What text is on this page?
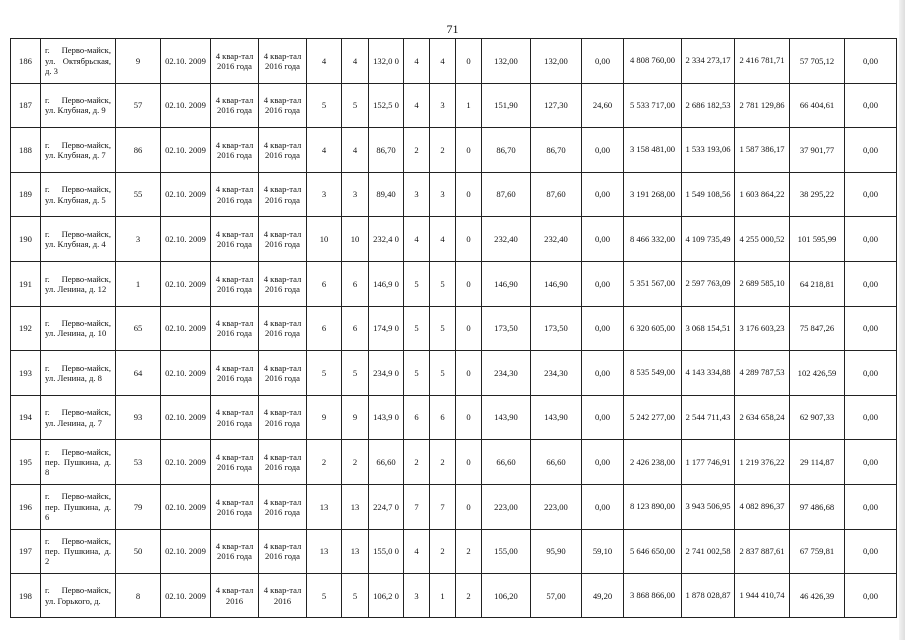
71
186	г. Перво-майск, ул. Октябрьская, д. 3	9	02.10. 2009	4 квар-тал 2016 года	4 квар-тал 2016 года	4	4	132,0 0	4	4	0	132,00	132,00	0,00	4 808 760,00	2 334 273,17	2 416 781,71	57 705,12	0,00
187	г. Перво-майск, ул. Клубная, д. 9	57	02.10. 2009	4 квар-тал 2016 года	4 квар-тал 2016 года	5	5	152,5 0	4	3	1	151,90	127,30	24,60	5 533 717,00	2 686 182,53	2 781 129,86	66 404,61	0,00
188	г. Перво-майск, ул. Клубная, д. 7	86	02.10. 2009	4 квар-тал 2016 года	4 квар-тал 2016 года	4	4	86,70	2	2	0	86,70	86,70	0,00	3 158 481,00	1 533 193,06	1 587 386,17	37 901,77	0,00
189	г. Перво-майск, ул. Клубная, д. 5	55	02.10. 2009	4 квар-тал 2016 года	4 квар-тал 2016 года	3	3	89,40	3	3	0	87,60	87,60	0,00	3 191 268,00	1 549 108,56	1 603 864,22	38 295,22	0,00
190	г. Перво-майск, ул. Клубная, д. 4	3	02.10. 2009	4 квар-тал 2016 года	4 квар-тал 2016 года	10	10	232,4 0	4	4	0	232,40	232,40	0,00	8 466 332,00	4 109 735,49	4 255 000,52	101 595,99	0,00
191	г. Перво-майск, ул. Ленина, д. 12	1	02.10. 2009	4 квар-тал 2016 года	4 квар-тал 2016 года	6	6	146,9 0	5	5	0	146,90	146,90	0,00	5 351 567,00	2 597 763,09	2 689 585,10	64 218,81	0,00
192	г. Перво-майск, ул. Ленина, д. 10	65	02.10. 2009	4 квар-тал 2016 года	4 квар-тал 2016 года	6	6	174,9 0	5	5	0	173,50	173,50	0,00	6 320 605,00	3 068 154,51	3 176 603,23	75 847,26	0,00
193	г. Перво-майск, ул. Ленина, д. 8	64	02.10. 2009	4 квар-тал 2016 года	4 квар-тал 2016 года	5	5	234,9 0	5	5	0	234,30	234,30	0,00	8 535 549,00	4 143 334,88	4 289 787,53	102 426,59	0,00
194	г. Перво-майск, ул. Ленина, д. 7	93	02.10. 2009	4 квар-тал 2016 года	4 квар-тал 2016 года	9	9	143,9 0	6	6	0	143,90	143,90	0,00	5 242 277,00	2 544 711,43	2 634 658,24	62 907,33	0,00
195	г. Перво-майск, пер. Пушкина, д. 8	53	02.10. 2009	4 квар-тал 2016 года	4 квар-тал 2016 года	2	2	66,60	2	2	0	66,60	66,60	0,00	2 426 238,00	1 177 746,91	1 219 376,22	29 114,87	0,00
196	г. Перво-майск, пер. Пушкина, д. 6	79	02.10. 2009	4 квар-тал 2016 года	4 квар-тал 2016 года	13	13	224,7 0	7	7	0	223,00	223,00	0,00	8 123 890,00	3 943 506,95	4 082 896,37	97 486,68	0,00
197	г. Перво-майск, пер. Пушкина, д. 2	50	02.10. 2009	4 квар-тал 2016 года	4 квар-тал 2016 года	13	13	155,0 0	4	2	2	155,00	95,90	59,10	5 646 650,00	2 741 002,58	2 837 887,61	67 759,81	0,00
198	г. Перво-майск, ул. Горького, д.	8	02.10. 2009	4 квар-тал 2016	4 квар-тал 2016	5	5	106,2 0	3	1	2	106,20	57,00	49,20	3 868 866,00	1 878 028,87	1 944 410,74	46 426,39	0,00
